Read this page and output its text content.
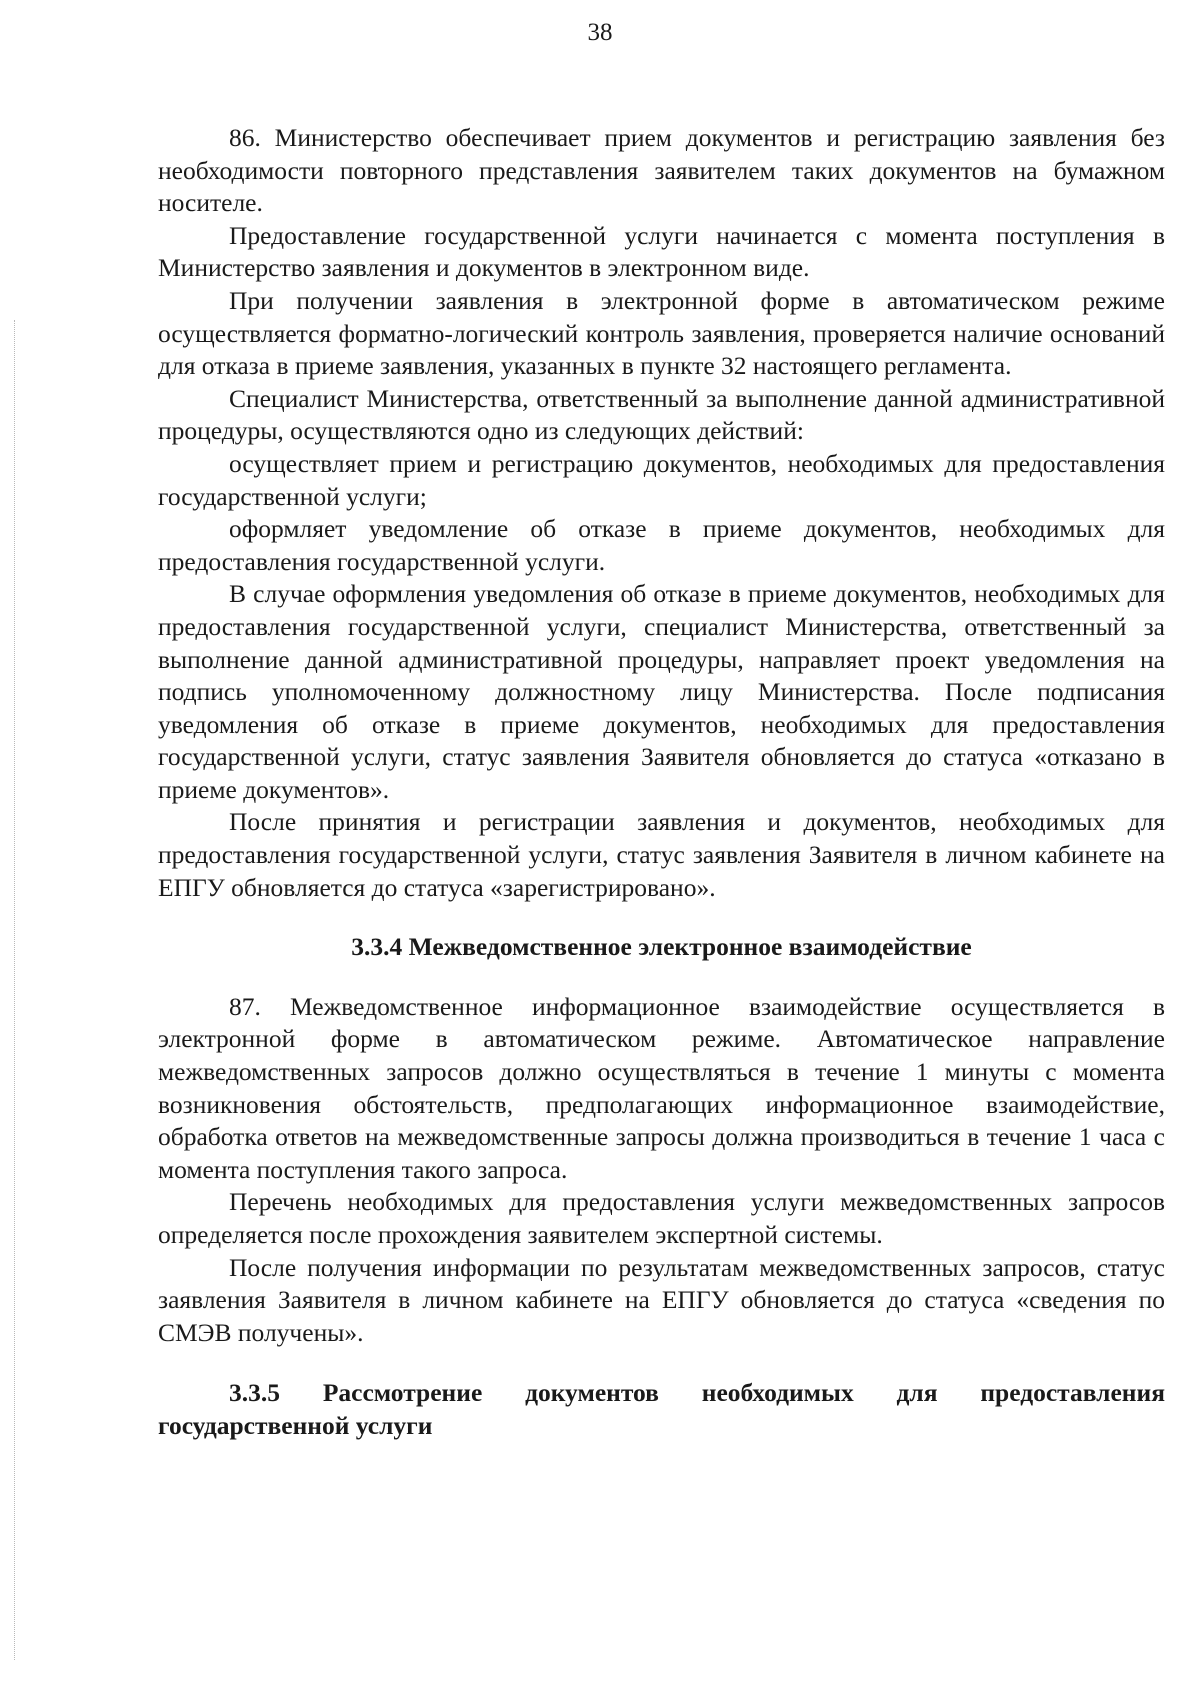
38

86. Министерство обеспечивает прием документов и регистрацию заявления без необходимости повторного представления заявителем таких документов на бумажном носителе.

Предоставление государственной услуги начинается с момента поступления в Министерство заявления и документов в электронном виде.

При получении заявления в электронной форме в автоматическом режиме осуществляется форматно-логический контроль заявления, проверяется наличие оснований для отказа в приеме заявления, указанных в пункте 32 настоящего регламента.

Специалист Министерства, ответственный за выполнение данной административной процедуры, осуществляются одно из следующих действий:

осуществляет прием и регистрацию документов, необходимых для предоставления государственной услуги;

оформляет уведомление об отказе в приеме документов, необходимых для предоставления государственной услуги.

В случае оформления уведомления об отказе в приеме документов, необходимых для предоставления государственной услуги, специалист Министерства, ответственный за выполнение данной административной процедуры, направляет проект уведомления на подпись уполномоченному должностному лицу Министерства. После подписания уведомления об отказе в приеме документов, необходимых для предоставления государственной услуги, статус заявления Заявителя обновляется до статуса «отказано в приеме документов».

После принятия и регистрации заявления и документов, необходимых для предоставления государственной услуги, статус заявления Заявителя в личном кабинете на ЕПГУ обновляется до статуса «зарегистрировано».

3.3.4 Межведомственное электронное взаимодействие

87. Межведомственное информационное взаимодействие осуществляется в электронной форме в автоматическом режиме. Автоматическое направление межведомственных запросов должно осуществляться в течение 1 минуты с момента возникновения обстоятельств, предполагающих информационное взаимодействие, обработка ответов на межведомственные запросы должна производиться в течение 1 часа с момента поступления такого запроса.

Перечень необходимых для предоставления услуги межведомственных запросов определяется после прохождения заявителем экспертной системы.

После получения информации по результатам межведомственных запросов, статус заявления Заявителя в личном кабинете на ЕПГУ обновляется до статуса «сведения по СМЭВ получены».

3.3.5 Рассмотрение документов необходимых для предоставления государственной услуги
